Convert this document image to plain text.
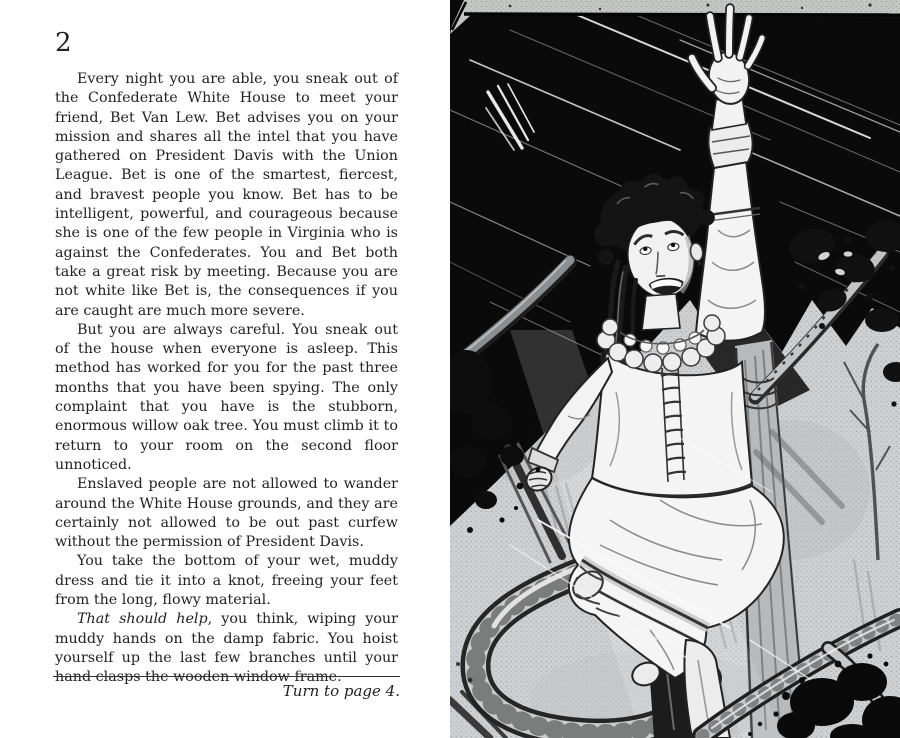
2

Every night you are able, you sneak out of the Confederate White House to meet your friend, Bet Van Lew. Bet advises you on your mission and shares all the intel that you have gathered on President Davis with the Union League. Bet is one of the smartest, fiercest, and bravest people you know. Bet has to be intelligent, powerful, and courageous because she is one of the few people in Virginia who is against the Confederates. You and Bet both take a great risk by meeting. Because you are not white like Bet is, the consequences if you are caught are much more severe.

But you are always careful. You sneak out of the house when everyone is asleep. This method has worked for you for the past three months that you have been spying. The only complaint that you have is the stubborn, enormous willow oak tree. You must climb it to return to your room on the second floor unnoticed.

Enslaved people are not allowed to wander around the White House grounds, and they are certainly not allowed to be out past curfew without the permission of President Davis.

You take the bottom of your wet, muddy dress and tie it into a knot, freeing your feet from the long, flowy material.

That should help, you think, wiping your muddy hands on the damp fabric. You hoist yourself up the last few branches until your hand clasps the wooden window frame.

Turn to page 4.
